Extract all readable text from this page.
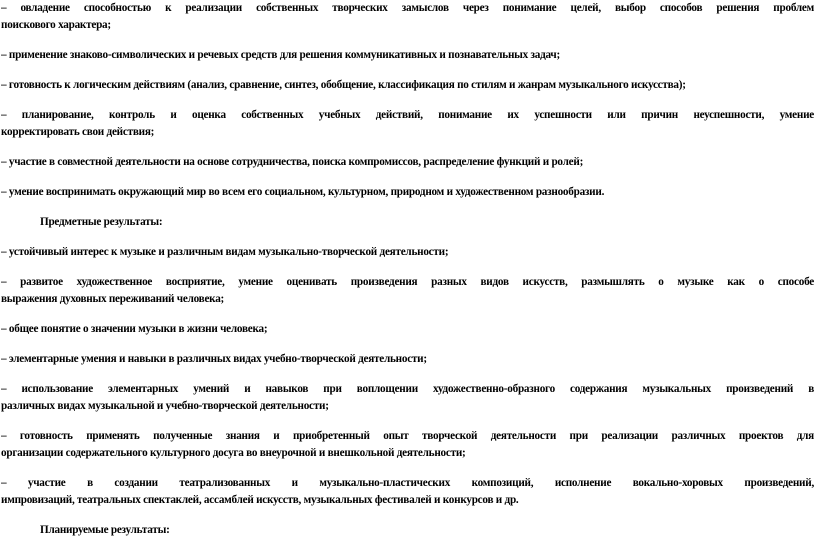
– овладение способностью к реализации собственных творческих замыслов через понимание целей, выбор способов решения проблем
поискового характера;
– применение знаково-символических и речевых средств для решения коммуникативных и познавательных задач;
– готовность к логическим действиям (анализ, сравнение, синтез, обобщение, классификация по стилям и жанрам музыкального искусства);
– планирование, контроль и оценка собственных учебных действий, понимание их успешности или причин неуспешности, умение
корректировать свои действия;
– участие в совместной деятельности на основе сотрудничества, поиска компромиссов, распределение функций и ролей;
– умение воспринимать окружающий мир во всем его социальном, культурном, природном и художественном разнообразии.
Предметные результаты:
– устойчивый интерес к музыке и различным видам музыкально-творческой деятельности;
– развитое художественное восприятие, умение оценивать произведения разных видов искусств, размышлять о музыке как о способе
выражения духовных переживаний человека;
– общее понятие о значении музыки в жизни человека;
– элементарные умения и навыки в различных видах учебно-творческой деятельности;
– использование элементарных умений и навыков при воплощении художественно-образного содержания музыкальных произведений в
различных видах музыкальной и учебно-творческой деятельности;
– готовность применять полученные знания и приобретенный опыт творческой деятельности при реализации различных проектов для
организации содержательного культурного досуга во внеурочной и внешкольной деятельности;
– участие в создании театрализованных и музыкально-пластических композиций, исполнение вокально-хоровых произведений,
импровизаций, театральных спектаклей, ассамблей искусств, музыкальных фестивалей и конкурсов и др.
Планируемые результаты:
